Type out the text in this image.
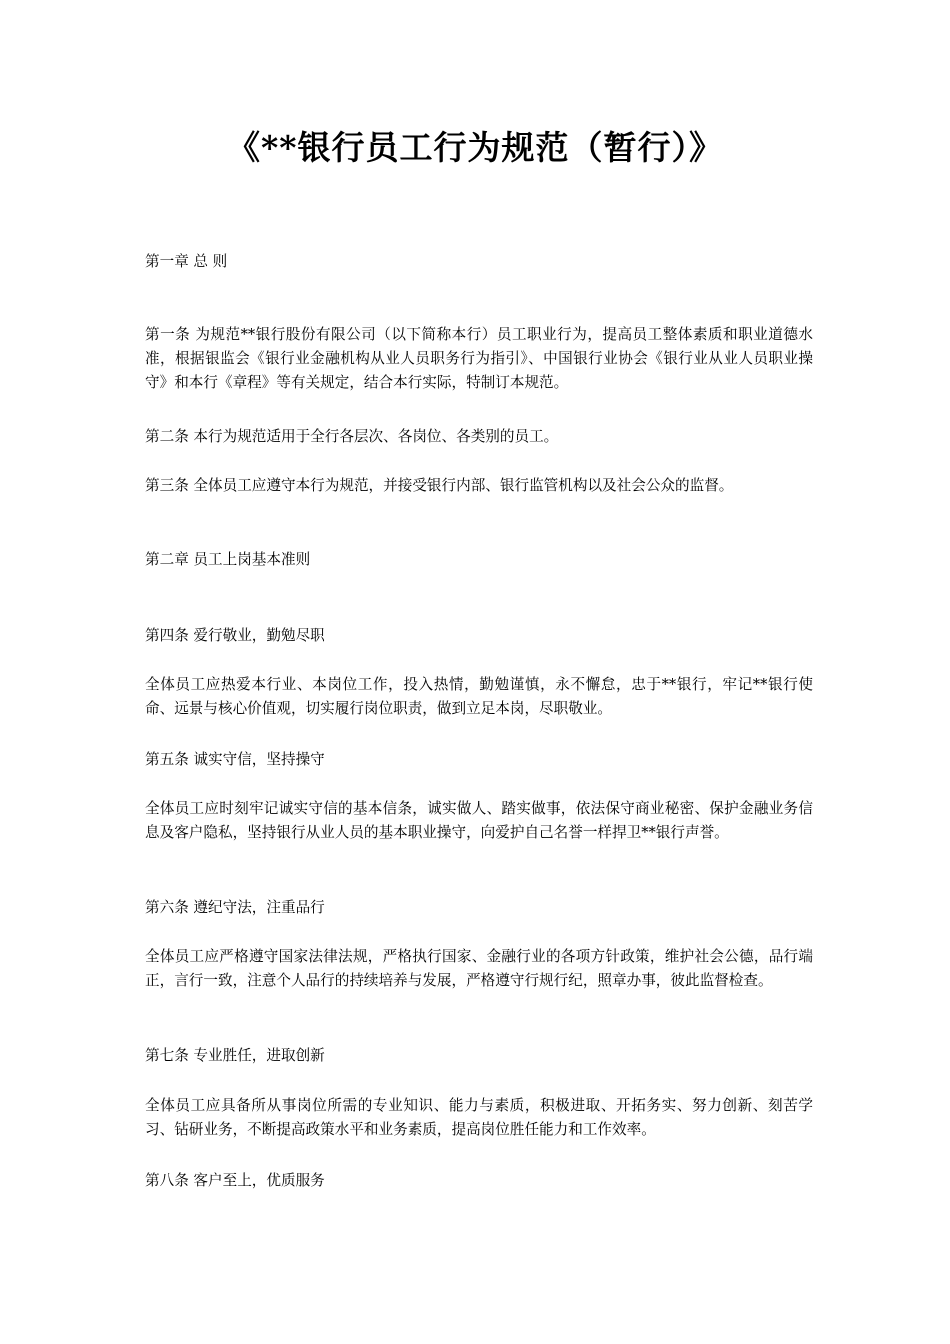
《**银行员工行为规范（暂行）》

第一章 总 则

第一条 为规范**银行股份有限公司（以下简称本行）员工职业行为，提高员工整体素质和职业道德水准，根据银监会《银行业金融机构从业人员职务行为指引》、中国银行业协会《银行业从业人员职业操守》和本行《章程》等有关规定，结合本行实际，特制订本规范。

第二条 本行为规范适用于全行各层次、各岗位、各类别的员工。

第三条 全体员工应遵守本行为规范，并接受银行内部、银行监管机构以及社会公众的监督。

第二章 员工上岗基本准则

第四条 爱行敬业，勤勉尽职

全体员工应热爱本行业、本岗位工作，投入热情，勤勉谨慎，永不懈怠，忠于**银行，牢记**银行使命、远景与核心价值观，切实履行岗位职责，做到立足本岗，尽职敬业。

第五条 诚实守信，坚持操守

全体员工应时刻牢记诚实守信的基本信条，诚实做人、踏实做事，依法保守商业秘密、保护金融业务信息及客户隐私，坚持银行从业人员的基本职业操守，向爱护自己名誉一样捍卫**银行声誉。

第六条 遵纪守法，注重品行

全体员工应严格遵守国家法律法规，严格执行国家、金融行业的各项方针政策，维护社会公德，品行端正，言行一致，注意个人品行的持续培养与发展，严格遵守行规行纪，照章办事，彼此监督检查。

第七条 专业胜任，进取创新

全体员工应具备所从事岗位所需的专业知识、能力与素质，积极进取、开拓务实、努力创新、刻苦学习、钻研业务，不断提高政策水平和业务素质，提高岗位胜任能力和工作效率。

第八条 客户至上，优质服务
